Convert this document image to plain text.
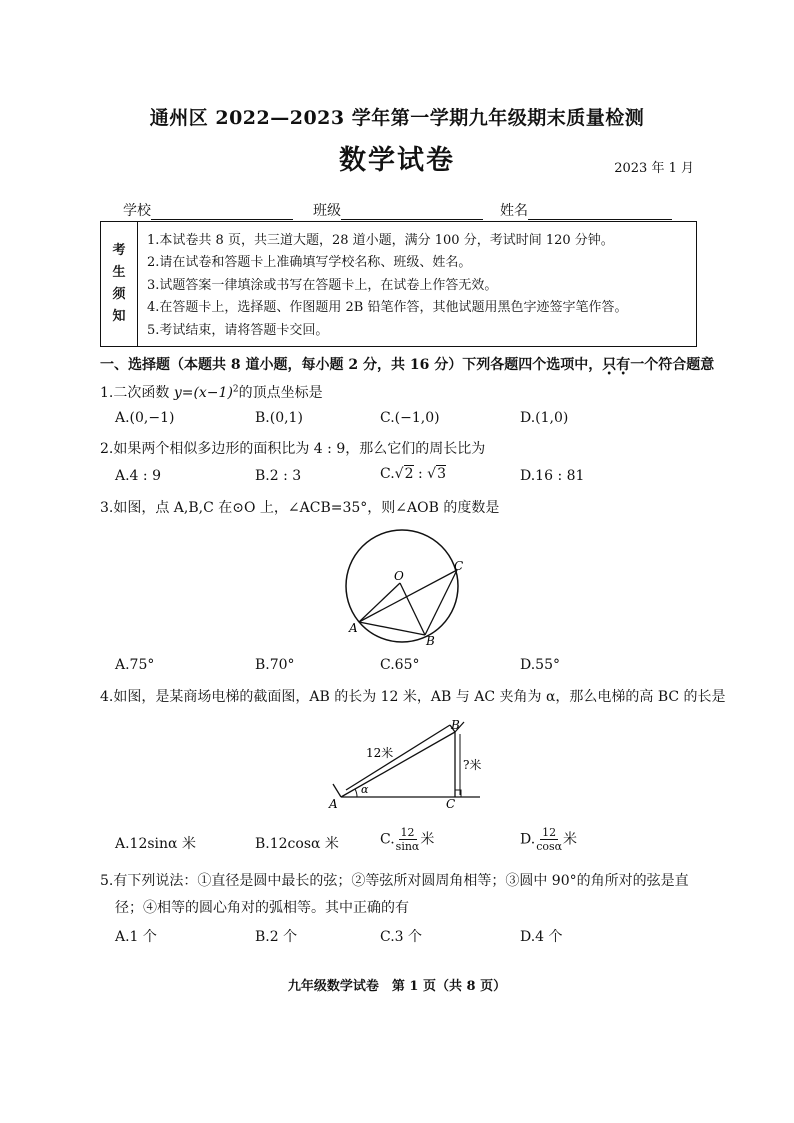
通州区 2022—2023 学年第一学期九年级期末质量检测
数学试卷	2023 年 1 月
学校	班级	姓名
考
生
须
知
1.本试卷共 8 页，共三道大题，28 道小题，满分 100 分，考试时间 120 分钟。
2.请在试卷和答题卡上准确填写学校名称、班级、姓名。
3.试题答案一律填涂或书写在答题卡上，在试卷上作答无效。
4.在答题卡上，选择题、作图题用 2B 铅笔作答，其他试题用黑色字迹签字笔作答。
5.考试结束，请将答题卡交回。
一、选择题（本题共 8 道小题，每小题 2 分，共 16 分）下列各题四个选项中，只有一个符合题意
1.二次函数 $y=(x-1)^2$的顶点坐标是
A.(0,−1)	B.(0,1)	C.(−1,0)	D.(1,0)
2.如果两个相似多边形的面积比为 4 : 9，那么它们的周长比为
A.4 : 9	B.2 : 3	C.√2 : √3	D.16 : 81
3.如图，点 A,B,C 在⊙O 上，∠ACB=35°，则∠AOB 的度数是
O
A
B
C
A.75°	B.70°	C.65°	D.55°
4.如图，是某商场电梯的截面图，AB 的长为 12 米，AB 与 AC 夹角为 α，那么电梯的高 BC 的长是
A
B
C
α
12米
?米
A.12sinα 米	B.12cosα 米	C. $\frac{12}{\sin\alpha}$ 米	D. $\frac{12}{\cos\alpha}$ 米
5.有下列说法：①直径是圆中最长的弦；②等弦所对圆周角相等；③圆中 90°的角所对的弦是直
径；④相等的圆心角对的弧相等。其中正确的有
A.1 个	B.2 个	C.3 个	D.4 个
九年级数学试卷　第 1 页（共 8 页）
